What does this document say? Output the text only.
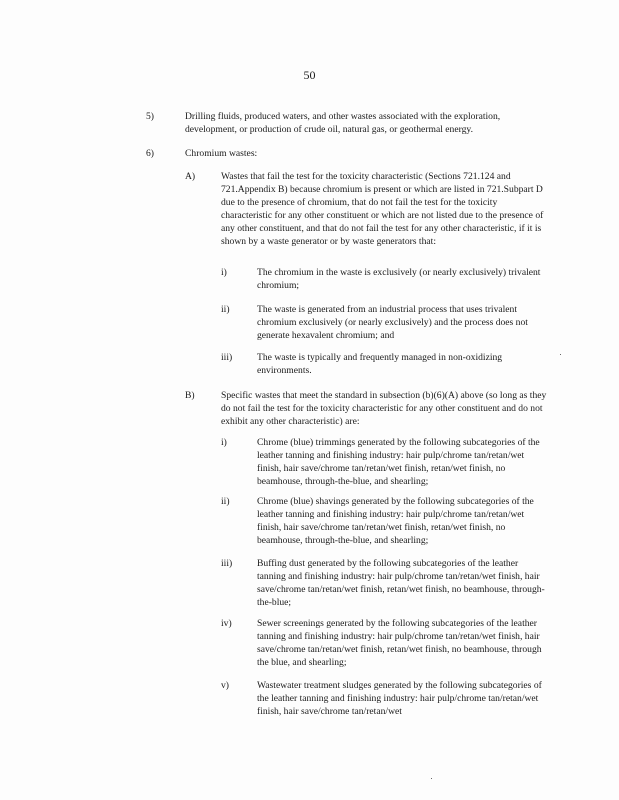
50
5)	Drilling fluids, produced waters, and other wastes associated with the exploration, development, or production of crude oil, natural gas, or geothermal energy.
6)	Chromium wastes:
A)	Wastes that fail the test for the toxicity characteristic (Sections 721.124 and 721.Appendix B) because chromium is present or which are listed in 721.Subpart D due to the presence of chromium, that do not fail the test for the toxicity characteristic for any other constituent or which are not listed due to the presence of any other constituent, and that do not fail the test for any other characteristic, if it is shown by a waste generator or by waste generators that:
i)	The chromium in the waste is exclusively (or nearly exclusively) trivalent chromium;
ii)	The waste is generated from an industrial process that uses trivalent chromium exclusively (or nearly exclusively) and the process does not generate hexavalent chromium; and
iii)	The waste is typically and frequently managed in non-oxidizing environments.
B)	Specific wastes that meet the standard in subsection (b)(6)(A) above (so long as they do not fail the test for the toxicity characteristic for any other constituent and do not exhibit any other characteristic) are:
i)	Chrome (blue) trimmings generated by the following subcategories of the leather tanning and finishing industry: hair pulp/chrome tan/retan/wet finish, hair save/chrome tan/retan/wet finish, retan/wet finish, no beamhouse, through-the-blue, and shearling;
ii)	Chrome (blue) shavings generated by the following subcategories of the leather tanning and finishing industry: hair pulp/chrome tan/retan/wet finish, hair save/chrome tan/retan/wet finish, retan/wet finish, no beamhouse, through-the-blue, and shearling;
iii)	Buffing dust generated by the following subcategories of the leather tanning and finishing industry: hair pulp/chrome tan/retan/wet finish, hair save/chrome tan/retan/wet finish, retan/wet finish, no beamhouse, through-the-blue;
iv)	Sewer screenings generated by the following subcategories of the leather tanning and finishing industry: hair pulp/chrome tan/retan/wet finish, hair save/chrome tan/retan/wet finish, retan/wet finish, no beamhouse, through the blue, and shearling;
v)	Wastewater treatment sludges generated by the following subcategories of the leather tanning and finishing industry: hair pulp/chrome tan/retan/wet finish, hair save/chrome tan/retan/wet
